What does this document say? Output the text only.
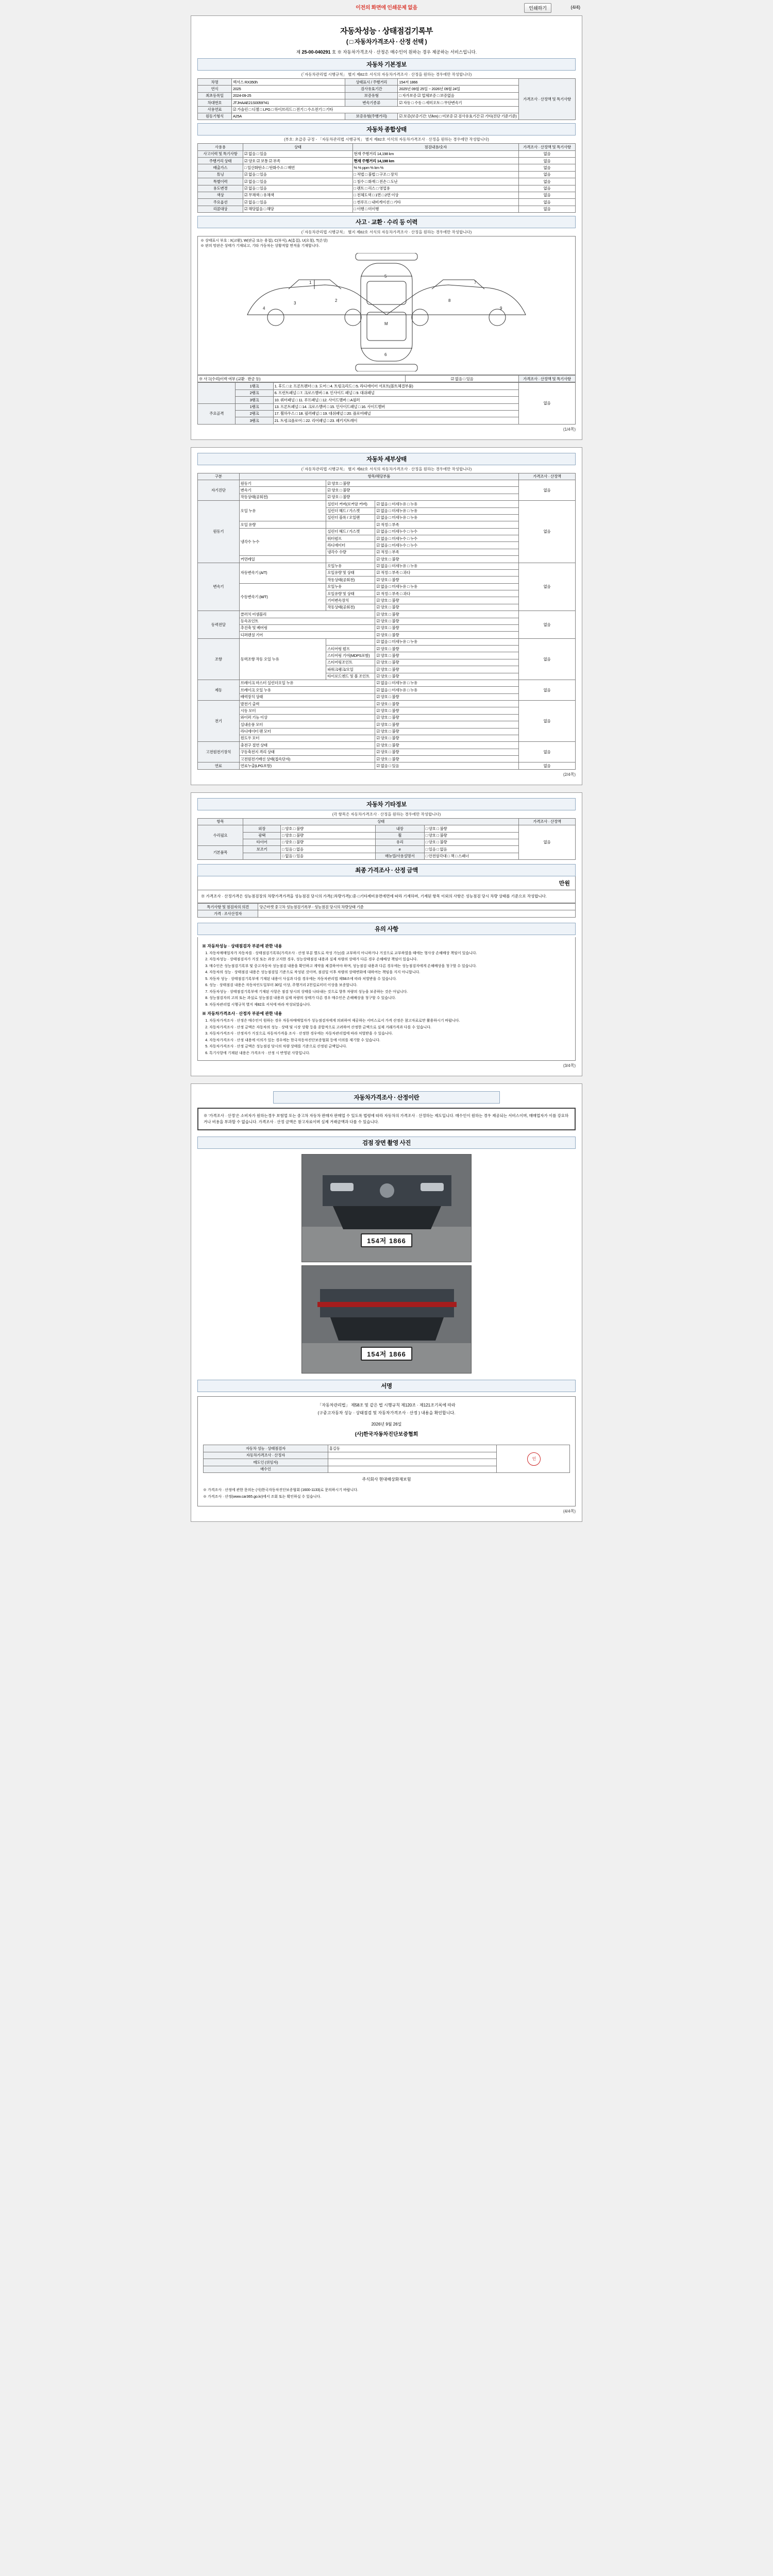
이전의 화면에 인쇄문제 없음	인쇄하기	(4/4)
자동차성능 · 상태점검기록부
( □ 자동차가격조사 · 산정 선택 )
제 25-00-040291 호 ※ 자동차가격조사 · 산정은 매수인이 원하는 경우 제공하는 서비스입니다.
자동차 기본정보
(「자동차관리법 시행규칙」 별지 제82호 서식의 자동차가격조사 · 산정을 원하는 경우에만 작성합니다)
차명	렉서스 RX350h	상태표시 / 주행거리	154저 1866	가격조사 · 산정액 및 특기사항
연식	2025	검사유효기간	2025년 09월 25일 ~ 2026년 09월 24일	
최초등록일	2024-09-25	보증유형	□ 자가보증 ☑ 업체보증 □ 보증없음	
차대번호	JTJHAAE21S0059?41	변속기종류	☑ 자동 □ 수동 □ 세미오토 □ 무단변속기	
사용연료	☑ 가솔린 □ 디젤 □ LPG □ 하이브리드 □ 전기 □ 수소전기 □ 기타			
원동기형식	A25A	보증유형(주행거리)	☑ 보증(보증기간: 년/km) □ 미보증 ☑ 검사유효기간 ☑ 기타(진단 기준기준)	
자동차 종합상태
(부호: 초급증 규정 - 「자동차관리법 시행규칙」 별지 제82호 서식의 자동차가격조사 · 산정을 원하는 경우에만 작성합니다)
사용용	상태	점검내용/숫자	가격조사 · 산정액 및 특기사항
사고이력 및 특기사항	☑ 없음 □ 있음	현재 주행거리 14,198 km	없음
주행거리 상태	☑ 양호 ☑ 보통 ☑ 부족	현재 주행거리 14,198 km	없음
배출가스	□ 일산화탄소 □ 탄화수소 □ 매연	% % ppm % km %	없음
튜닝	☑ 없음 □ 있음	□ 적법 □ 불법 □ 구조 □ 장치	없음
특별이력	☑ 없음 □ 있음	□ 침수 □ 화재 □ 전손 □ 도난	없음
용도변경	☑ 없음 □ 있음	□ 렌트 □ 리스 □ 영업용	없음
색상	☑ 무채색 □ 유채색	□ 전체도색 □ 1면 □ 2면 이상	없음
주요옵션	☑ 없음 □ 있음	□ 썬루프 □ 내비게이션 □ 기타	없음
리콜대상	☑ 해당없음 □ 해당	□ 이행 □ 미이행	없음
사고 · 교환 · 수리 등 이력
(「자동차관리법 시행규칙」 별지 제82호 서식의 자동차가격조사 · 산정을 원하는 경우에만 작성합니다)
※ 상태표시 부호 : X(교환), W(판금 또는 용접), C(부식), A(흠집), U(요철), T(손상)
※ 판의 망판은 상태가 기재되고, 기타 가동차는 상황적합 면적을 기재합니다.
1
2
3
4
5
M
6
7
8
9
※ 사고(수리)이력 여부 (교환 · 판금 등)	☑ 없음 □ 있음	가격조사 · 산정액 및 특기사항
	1랭크	1. 후드 □ 2. 프론트펜더 □ 3. 도어 □ 4. 트렁크리드 □ 5. 라디에이터 서포트(볼트체결부품)	없음
	2랭크	6. 프런트패널 □ 7. 크로스멤버 □ 8. 인사이드 패널 □ 9. 대쉬패널	
	3랭크	10. 쿼터패널 □ 11. 루프패널 □ 12. 사이드멤버 □ A필러	
주요골격	1랭크	13. 프론트패널 □ 14. 크로스멤버 □ 15. 인사이드패널 □ 16. 사이드멤버	
	2랭크	17. 휠하우스 □ 18. 필러패널 □ 19. 대쉬패널 □ 20. 플로어패널	
	3랭크	21. 트렁크플로어 □ 22. 리어패널 □ 23. 패키지트레이	
(1/4쪽)
자동차 세부상태
(「자동차관리법 시행규칙」 별지 제82호 서식의 자동차가격조사 · 산정을 원하는 경우에만 작성합니다)
구분	항목/해당부품			가격조사 · 산정액
자기진단	원동기	☑ 양호 □ 불량		없음
	변속기	☑ 양호 □ 불량		
	작동상태(공회전)	☑ 양호 □ 불량		
원동기	오일 누유	실린더 커버(로커암 커버)	☑ 없음 □ 미세누유 □ 누유	없음
		실린더 헤드 / 가스켓	☑ 없음 □ 미세누유 □ 누유	
		실린더 블록 / 오일팬	☑ 없음 □ 미세누유 □ 누유	
	오일 유량		☑ 적정 □ 부족	
	냉각수 누수	실린더 헤드 / 가스켓	☑ 없음 □ 미세누수 □ 누수	
		워터펌프	☑ 없음 □ 미세누수 □ 누수	
		라디에이터	☑ 없음 □ 미세누수 □ 누수	
		냉각수 수량	☑ 적정 □ 부족	
	커먼레일		☑ 양호 □ 불량	
변속기	자동변속기 (A/T)	오일누유	☑ 없음 □ 미세누유 □ 누유	없음
		오일유량 및 상태	☑ 적정 □ 부족 □ 과다	
		작동상태(공회전)	☑ 양호 □ 불량	
	수동변속기 (M/T)	오일누유	☑ 없음 □ 미세누유 □ 누유	
		오일유량 및 상태	☑ 적정 □ 부족 □ 과다	
		기어변속장치	☑ 양호 □ 불량	
		작동상태(공회전)	☑ 양호 □ 불량	
동력전달	클러치 어셈블리		☑ 양호 □ 불량	없음
	등속죠인트		☑ 양호 □ 불량	
	추진축 및 베어링		☑ 양호 □ 불량	
	디퍼렌셜 기어		☑ 양호 □ 불량	
조향	동력조향 작동 오일 누유		☑ 없음 □ 미세누유 □ 누유	없음
		스티어링 펌프	☑ 양호 □ 불량	
		스티어링 기어(MDPS포함)	☑ 양호 □ 불량	
		스티어링조인트	☑ 양호 □ 불량	
		파워크랭크/오일	☑ 양호 □ 불량	
		타이로드엔드 및 볼 조인트	☑ 양호 □ 불량	
제동	브레이크 마스터 실린더오일 누유		☑ 없음 □ 미세누유 □ 누유	없음
	브레이크 오일 누유		☑ 없음 □ 미세누유 □ 누유	
	배력장치 상태		☑ 양호 □ 불량	
전기	발전기 출력		☑ 양호 □ 불량	없음
	시동 모터		☑ 양호 □ 불량	
	와이퍼 기능 이상		☑ 양호 □ 불량	
	실내송풍 모터		☑ 양호 □ 불량	
	라디에이터 팬 모터		☑ 양호 □ 불량	
	윈도우 모터		☑ 양호 □ 불량	
고전원전기장치	충전구 절연 상태		☑ 양호 □ 불량	없음
	구동축전지 격리 상태		☑ 양호 □ 불량	
	고전원전기배선 상태(접속단자)		☑ 양호 □ 불량	
연료	연료누출(LPG포함)		☑ 없음 □ 있음	없음
(2/4쪽)
자동차 기타정보
(각 항목은 자동차가격조사 · 산정을 원하는 경우에만 작성합니다)
항목	상태				가격조사 · 산정액
수리필요	외장	□ 양호 □ 불량	내장	□ 양호 □ 불량	없음
	광택	□ 양호 □ 불량	휠	□ 양호 □ 불량	
	타이어	□ 양호 □ 불량	유리	□ 양호 □ 불량	
기본품목	보조키	□ 있음 □ 없음	е	□ 있음 □ 없음	
		□ 없음 □ 있음	매뉴얼/사용설명서	□ 안전삼각대 □ 잭 □ 스패너	
최종 가격조사 · 산정 금액
만원
※ 가격조사 · 산정가격은 성능점검장의 차량가격가격을 성능점검 당시의 가격(□차량가격)□중·□기타제비용면에면에 따라 기재하며, 기재된 항목 이외의 사항은 성능점검 당시 차량 상태를 기준으로 작성합니다.
특기사항 및 점검자의 의견	당근마켓 중고차 성능점검기록부 - 성능점검 당시의 차량상태 기준
가격 · 조사산정자	
유의 사항
※ 자동차성능 · 상태점검자 부분에 관한 내용
1. 자동차매매업자가 자동차를 · 상태점검기록부(가격조사 · 산정 부분 별도로 작성 가능)를 교부하지 아니하거나 거짓으로 교부하였을 때에는 형사상 손해배상 책임이 있습니다.
2. 자동차성능 · 상태점검자가 거짓 또는 과장 고지한 경우, 성능상태점검 내용과 실제 차량의 상태가 다른 경우 손해배상 책임이 있습니다.
3. 매수인은 성능점검기록부 및 중고자동차 성능점검 내용을 확인하고 계약을 체결하여야 하며, 성능점검 내용과 다른 경우에는 성능점검자에게 손해배상을 청구할 수 있습니다.
4. 자동차의 성능 · 상태점검 내용은 성능점검일 기준으로 작성된 것이며, 점검일 이후 차량의 상태변화에 대하여는 책임을 지지 아니합니다.
5. 자동차 성능 · 상태점검기록부에 기재된 내용이 사실과 다를 경우에는 자동차관리법 제58조에 따라 처벌받을 수 있습니다.
6. 성능 · 상태점검 내용은 자동차인도일부터 30일 이상, 주행거리 2천킬로미터 이상을 보증합니다.
7. 자동차성능 · 상태점검기록부에 기재된 사항은 점검 당시의 상태를 나타내는 것으로 향후 차량의 성능을 보증하는 것은 아닙니다.
8. 성능점검자의 고의 또는 과실로 성능점검 내용과 실제 차량의 상태가 다른 경우 매수인은 손해배상을 청구할 수 있습니다.
9. 자동차관리법 시행규칙 별지 제82호 서식에 따라 작성되었습니다.
※ 자동차가격조사 · 산정자 부분에 관한 내용
1. 자동차가격조사 · 산정은 매수인이 원하는 경우 자동차매매업자가 성능점검자에게 의뢰하여 제공하는 서비스로서 가격 산정은 참고자료로만 활용하시기 바랍니다.
2. 자동차가격조사 · 산정 금액은 자동차의 성능 · 상태 및 시장 상황 등을 종합적으로 고려하여 산정한 금액으로 실제 거래가격과 다를 수 있습니다.
3. 자동차가격조사 · 산정자가 거짓으로 자동차가격을 조사 · 산정한 경우에는 자동차관리법에 따라 처벌받을 수 있습니다.
4. 자동차가격조사 · 산정 내용에 이의가 있는 경우에는 한국자동차진단보증협회 등에 이의를 제기할 수 있습니다.
5. 자동차가격조사 · 산정 금액은 성능점검 당시의 차량 상태를 기준으로 산정된 금액입니다.
6. 특기사항에 기재된 내용은 가격조사 · 산정 시 반영된 사항입니다.
(3/4쪽)
자동차가격조사 · 산정이란
※ '가격조사 · 산정'은 소비자가 원하는경우 보험업 또는 중고차 자동차 판매자 판매업 수 있도록 법령에 따라 자동차의 가격조사 · 산정하는 제도입니다. 매수인이 원하는 경우 제공되는 서비스이며, 매매업자가 이를 강요하거나 비용을 부과할 수 없습니다. 가격조사 · 산정 금액은 참고자료이며 실제 거래금액과 다를 수 있습니다.
검점 장면 촬영 사진
154저 1866
154저 1866
서명
「자동차관리법」 제58조 및 같은 법 시행규칙 제120조 · 제121조기록에 따라
(구중고자동차 성능 · 상태점검 및 자동차가격조사 · 산정 ) 내용을 확인합니다.
2026년 9월 26일
(사)한국자동차진단보증협회
자동차 성능 · 상태점검자	홍길동	인
자동차가격조사 · 산정자		
매도인 (위임자)		
매수인		
주식회사 현대해상화재보험
※ 가격조사 · 산정에 관한 문의는 (사)한국자동차진단보증협회 (1600-1133)로 문의하시기 바랍니다.
※ 가격조사 · 산정(www.car365.go.kr)에서 조회 또는 확인하실 수 있습니다.
(4/4쪽)
